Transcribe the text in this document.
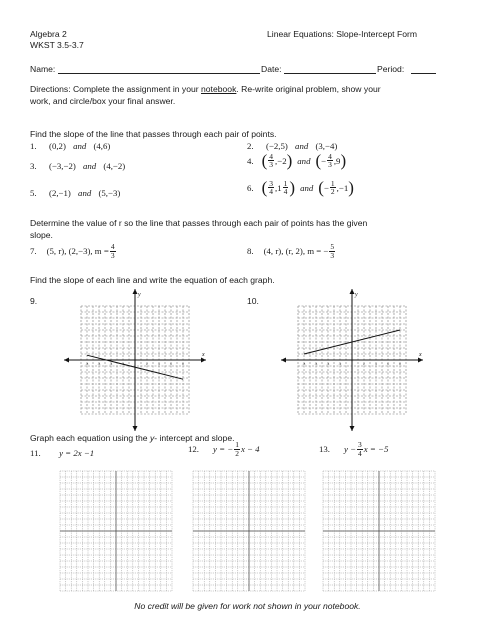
Algebra 2
WKST 3.5-3.7
Linear Equations: Slope-Intercept Form
Name:	Date:	Period:
Directions: Complete the assignment in your notebook. Re-write original problem, show your
work, and circle/box your final answer.
Find the slope of the line that passes through each pair of points.
1. (0,2) and (4,6)	2. (−2,5) and (3,−4)
3. (−3,−2) and (4,−2)
4. ( $\frac{4}{3} ,-2$ ) and ( − $\frac{4}{3} ,9$ )
5. (2,−1) and (5,−3)
6. ( $\frac{3}{4} ,1 \frac{1}{4}$ ) and ( − $\frac{1}{2} ,-1$ )
Determine the value of r so the line that passes through each pair of points has the given
slope.
7. (5, r), (2,−3), $m = \frac{4}{3}$	8. (4, r), (r, 2), m = − $\frac{5}{3}$
Find the slope of each line and write the equation of each graph.
9.	10.
x
y
-8	-6	-4	2	4	6	8
x
y
-8	-6	-4	-2	2	4	6	8
Graph each equation using the y- intercept and slope.
11. y = 2x −1	12. y = − $\frac{1}{2}$ x − 4	13. $y - \frac{3}{4}$ x = −5
No credit will be given for work not shown in your notebook.
